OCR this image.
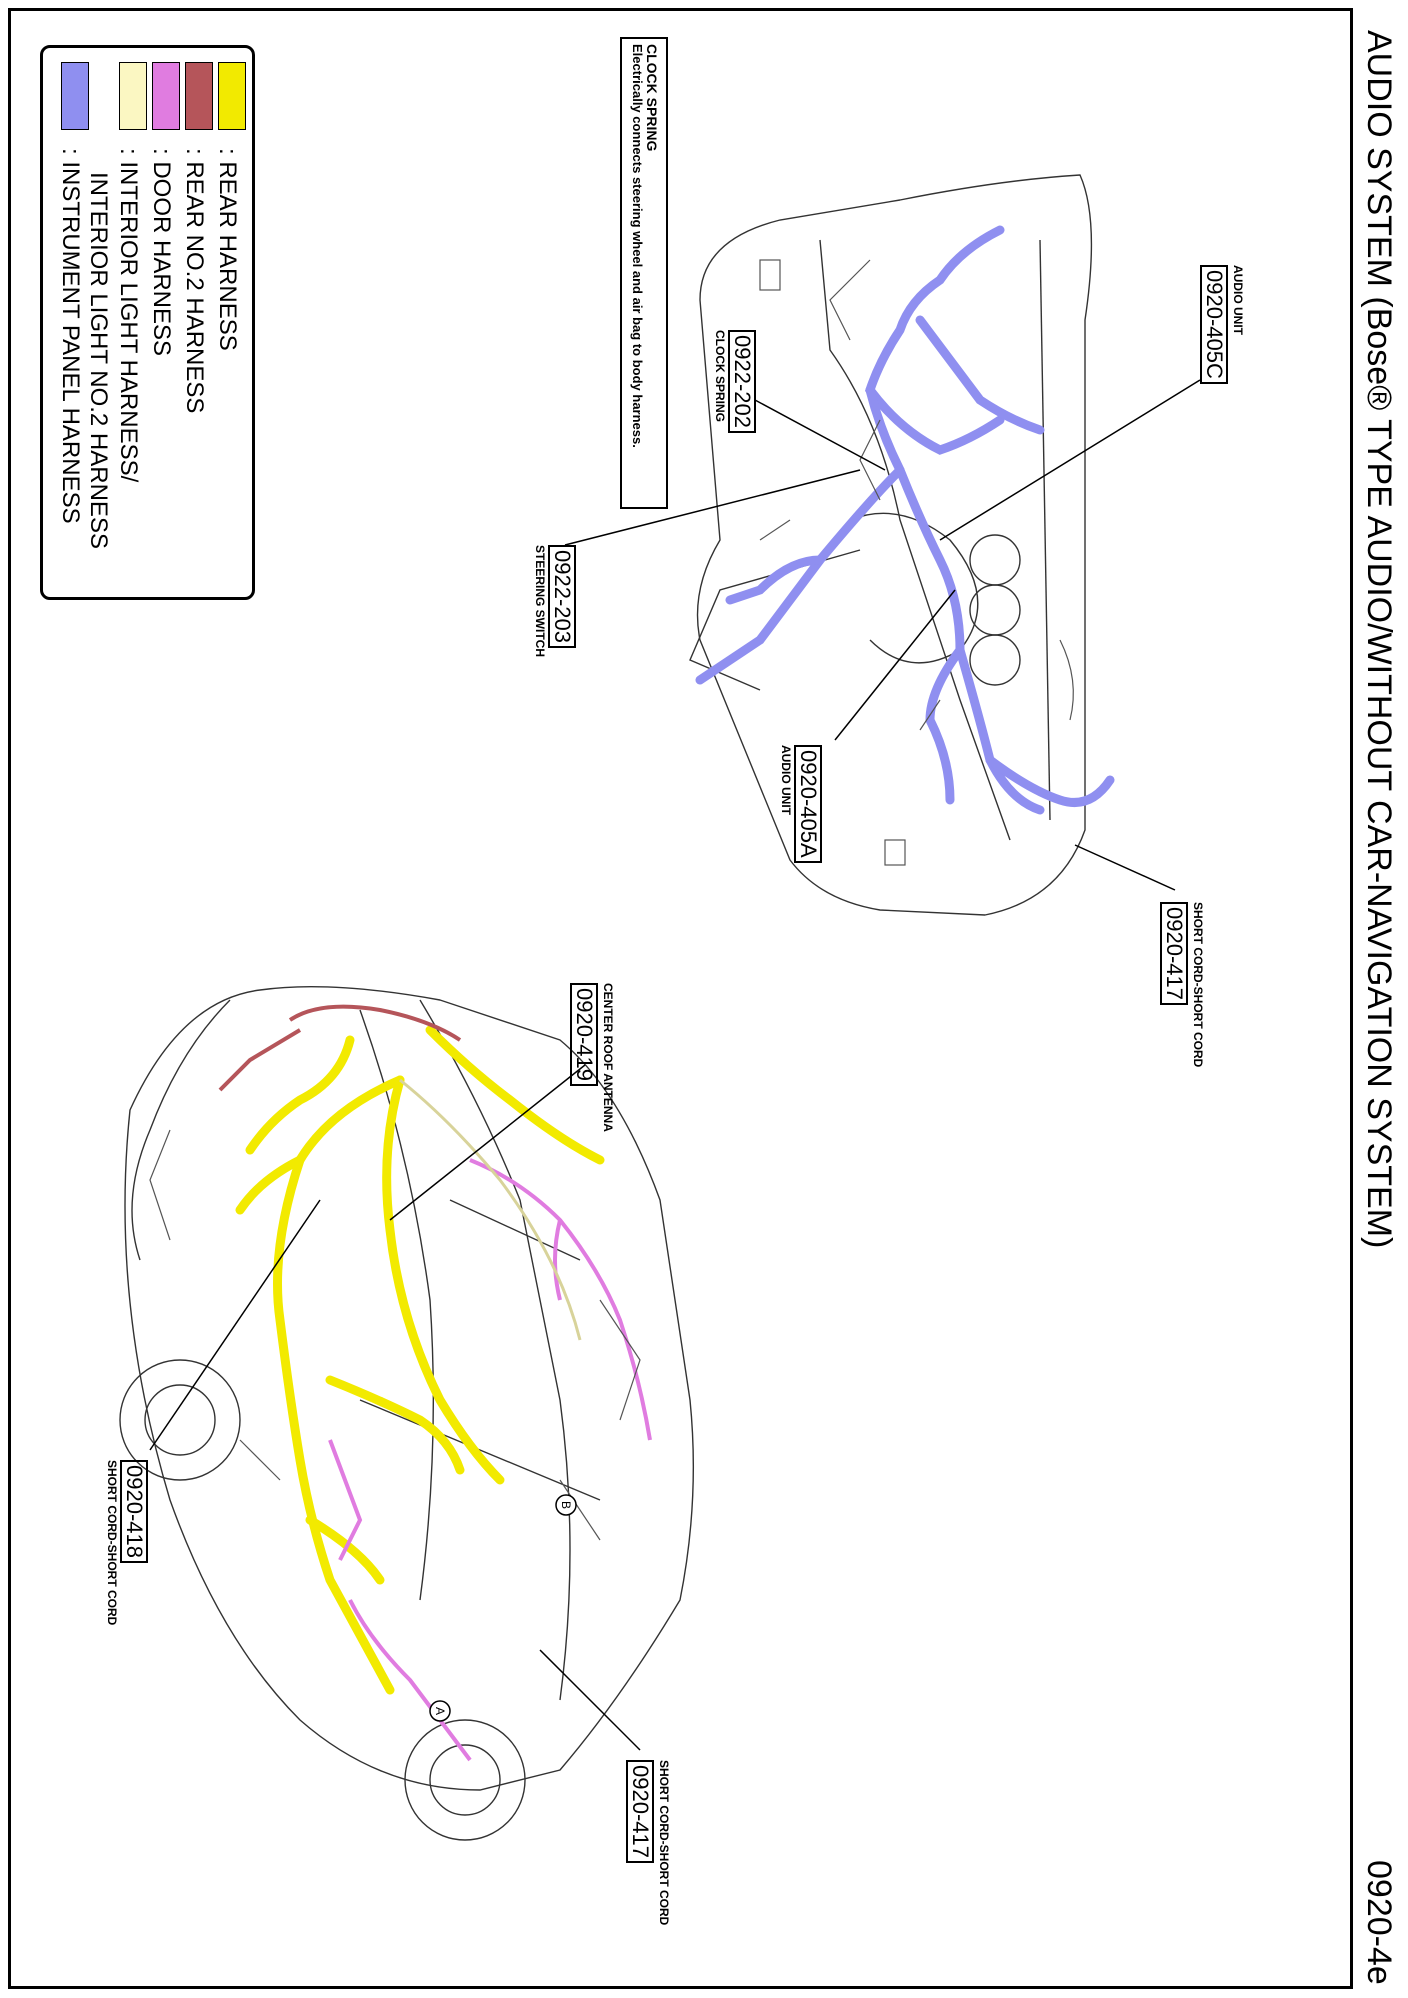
AUDIO SYSTEM (Bose® TYPE AUDIO/WITHOUT CAR-NAVIGATION SYSTEM)
0920-4e
: REAR HARNESS
: REAR NO.2 HARNESS
: DOOR HARNESS
: INTERIOR LIGHT HARNESS/
INTERIOR LIGHT NO.2 HARNESS
: INSTRUMENT PANEL HARNESS
CLOCK SPRING
Electrically connects steering wheel and air bag to body harness.
B
A
0920-405C AUDIO UNIT
0922-202
CLOCK SPRING
0922-203
STEERING SWITCH
0920-405A
AUDIO UNIT
0920-417 SHORT CORD-SHORT CORD
0920-419 CENTER ROOF ANTENNA
0920-418
SHORT CORD-SHORT CORD
0920-417 SHORT CORD-SHORT CORD
